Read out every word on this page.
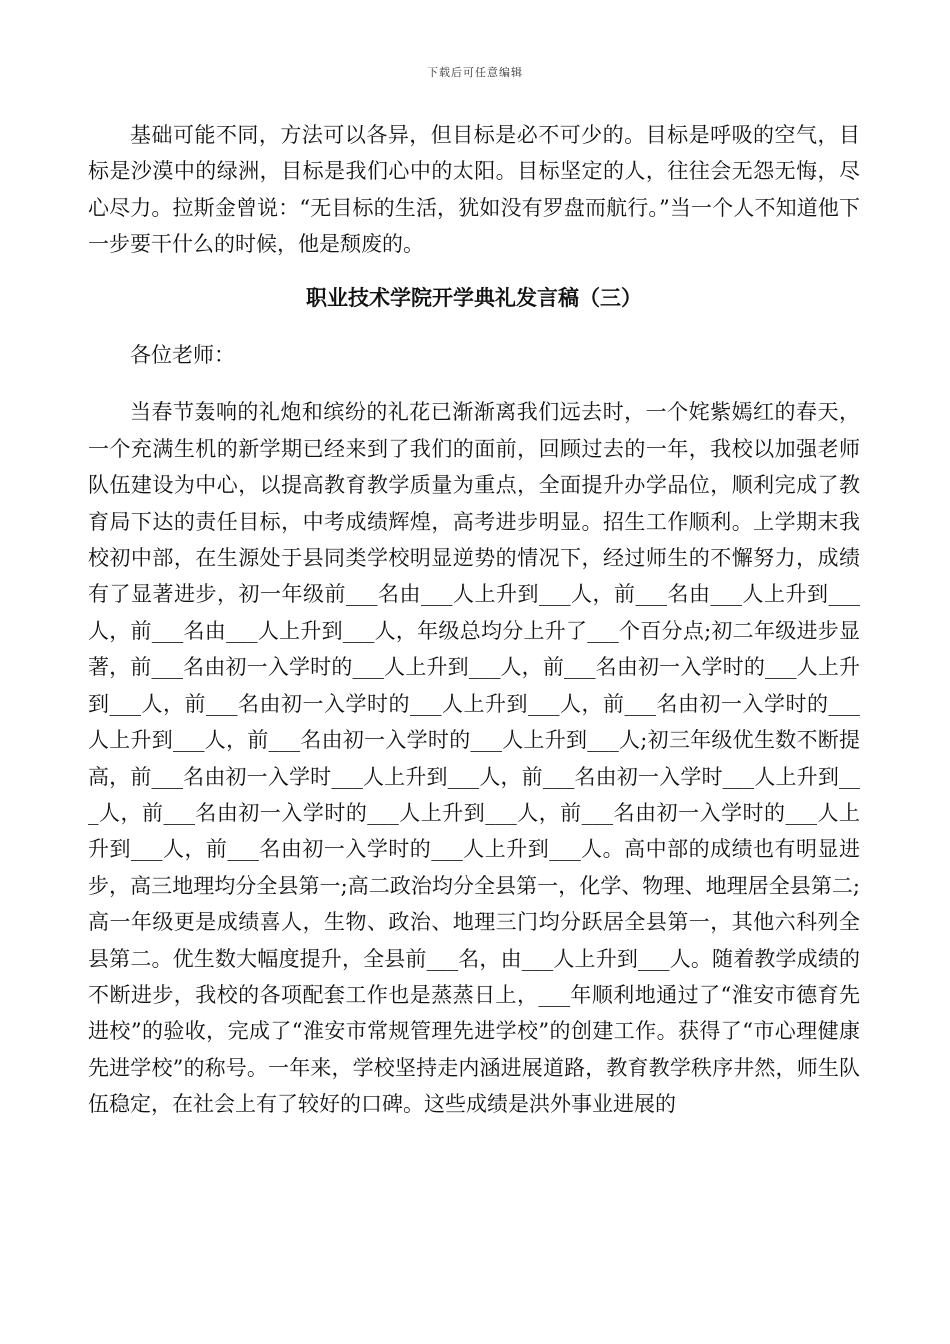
下载后可任意编辑

基础可能不同，方法可以各异，但目标是必不可少的。目标是呼吸的空气，目标是沙漠中的绿洲，目标是我们心中的太阳。目标坚定的人，往往会无怨无悔，尽心尽力。拉斯金曾说：“无目标的生活，犹如没有罗盘而航行。”当一个人不知道他下一步要干什么的时候，他是颓废的。

职业技术学院开学典礼发言稿（三）

各位老师：

当春节轰响的礼炮和缤纷的礼花已渐渐离我们远去时，一个姹紫嫣红的春天，一个充满生机的新学期已经来到了我们的面前，回顾过去的一年，我校以加强老师队伍建设为中心，以提高教育教学质量为重点，全面提升办学品位，顺利完成了教育局下达的责任目标，中考成绩辉煌，高考进步明显。招生工作顺利。上学期末我校初中部，在生源处于县同类学校明显逆势的情况下，经过师生的不懈努力，成绩有了显著进步，初一年级前___名由___人上升到___人，前___名由___人上升到___人，前___名由___人上升到___人，年级总均分上升了___个百分点;初二年级进步显著，前___名由初一入学时的___人上升到___人，前___名由初一入学时的___人上升到___人，前___名由初一入学时的___人上升到___人，前___名由初一入学时的___人上升到___人，前___名由初一入学时的___人上升到___人;初三年级优生数不断提高，前___名由初一入学时___人上升到___人，前___名由初一入学时___人上升到___人，前___名由初一入学时的___人上升到___人，前___名由初一入学时的___人上升到___人，前___名由初一入学时的___人上升到___人。高中部的成绩也有明显进步，高三地理均分全县第一;高二政治均分全县第一，化学、物理、地理居全县第二;高一年级更是成绩喜人，生物、政治、地理三门均分跃居全县第一，其他六科列全县第二。优生数大幅度提升，全县前___名，由___人上升到___人。随着教学成绩的不断进步，我校的各项配套工作也是蒸蒸日上，___年顺利地通过了“淮安市德育先进校”的验收，完成了“淮安市常规管理先进学校”的创建工作。获得了“市心理健康先进学校”的称号。一年来，学校坚持走内涵进展道路，教育教学秩序井然，师生队伍稳定，在社会上有了较好的口碑。这些成绩是洪外事业进展的
